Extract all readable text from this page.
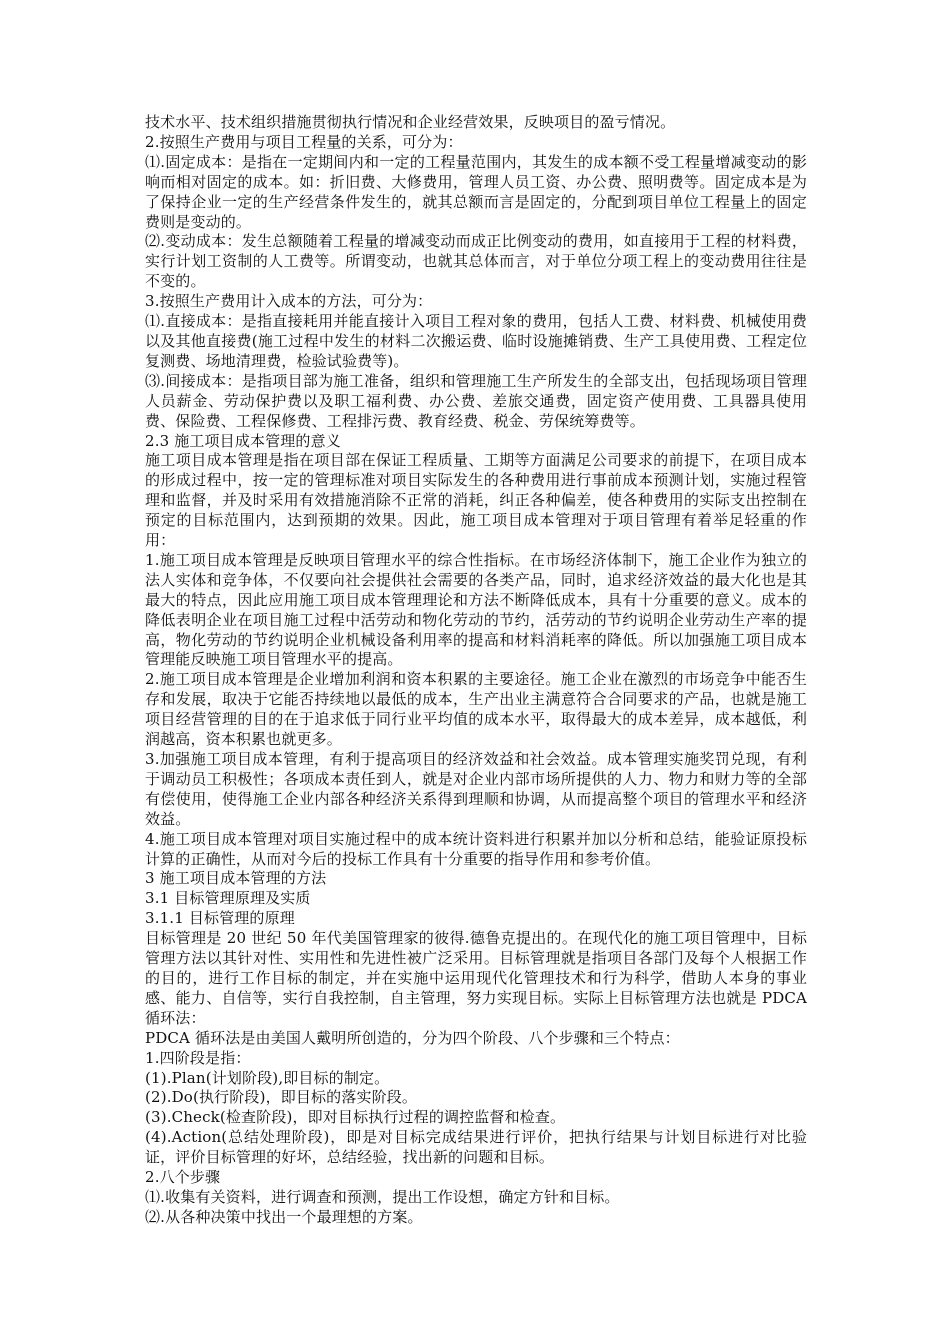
技术水平、技术组织措施贯彻执行情况和企业经营效果，反映项目的盈亏情况。

2.按照生产费用与项目工程量的关系，可分为：

⑴.固定成本：是指在一定期间内和一定的工程量范围内，其发生的成本额不受工程量增减变动的影响而相对固定的成本。如：折旧费、大修费用，管理人员工资、办公费、照明费等。固定成本是为了保持企业一定的生产经营条件发生的，就其总额而言是固定的，分配到项目单位工程量上的固定费则是变动的。

⑵.变动成本：发生总额随着工程量的增减变动而成正比例变动的费用，如直接用于工程的材料费，实行计划工资制的人工费等。所谓变动，也就其总体而言，对于单位分项工程上的变动费用往往是不变的。

3.按照生产费用计入成本的方法，可分为：

⑴.直接成本：是指直接耗用并能直接计入项目工程对象的费用，包括人工费、材料费、机械使用费以及其他直接费(施工过程中发生的材料二次搬运费、临时设施摊销费、生产工具使用费、工程定位复测费、场地清理费，检验试验费等)。

⑶.间接成本：是指项目部为施工准备，组织和管理施工生产所发生的全部支出，包括现场项目管理人员薪金、劳动保护费以及职工福利费、办公费、差旅交通费，固定资产使用费、工具器具使用费、保险费、工程保修费、工程排污费、教育经费、税金、劳保统筹费等。

2.3 施工项目成本管理的意义

施工项目成本管理是指在项目部在保证工程质量、工期等方面满足公司要求的前提下，在项目成本的形成过程中，按一定的管理标准对项目实际发生的各种费用进行事前成本预测计划，实施过程管理和监督，并及时采用有效措施消除不正常的消耗，纠正各种偏差，使各种费用的实际支出控制在预定的目标范围内，达到预期的效果。因此，施工项目成本管理对于项目管理有着举足轻重的作用：

1.施工项目成本管理是反映项目管理水平的综合性指标。在市场经济体制下，施工企业作为独立的法人实体和竞争体，不仅要向社会提供社会需要的各类产品，同时，追求经济效益的最大化也是其最大的特点，因此应用施工项目成本管理理论和方法不断降低成本，具有十分重要的意义。成本的降低表明企业在项目施工过程中活劳动和物化劳动的节约，活劳动的节约说明企业劳动生产率的提高，物化劳动的节约说明企业机械设备利用率的提高和材料消耗率的降低。所以加强施工项目成本管理能反映施工项目管理水平的提高。

2.施工项目成本管理是企业增加利润和资本积累的主要途径。施工企业在激烈的市场竞争中能否生存和发展，取决于它能否持续地以最低的成本，生产出业主满意符合合同要求的产品，也就是施工项目经营管理的目的在于追求低于同行业平均值的成本水平，取得最大的成本差异，成本越低，利润越高，资本积累也就更多。

3.加强施工项目成本管理，有利于提高项目的经济效益和社会效益。成本管理实施奖罚兑现，有利于调动员工积极性；各项成本责任到人，就是对企业内部市场所提供的人力、物力和财力等的全部有偿使用，使得施工企业内部各种经济关系得到理顺和协调，从而提高整个项目的管理水平和经济效益。

4.施工项目成本管理对项目实施过程中的成本统计资料进行积累并加以分析和总结，能验证原投标计算的正确性，从而对今后的投标工作具有十分重要的指导作用和参考价值。

3 施工项目成本管理的方法

3.1 目标管理原理及实质

3.1.1 目标管理的原理

目标管理是 20 世纪 50 年代美国管理家的彼得.德鲁克提出的。在现代化的施工项目管理中，目标管理方法以其针对性、实用性和先进性被广泛采用。目标管理就是指项目各部门及每个人根据工作的目的，进行工作目标的制定，并在实施中运用现代化管理技术和行为科学，借助人本身的事业感、能力、自信等，实行自我控制，自主管理，努力实现目标。实际上目标管理方法也就是 PDCA 循环法：

PDCA 循环法是由美国人戴明所创造的，分为四个阶段、八个步骤和三个特点：

1.四阶段是指：

(1).Plan(计划阶段),即目标的制定。

(2).Do(执行阶段)，即目标的落实阶段。

(3).Check(检查阶段)，即对目标执行过程的调控监督和检查。

(4).Action(总结处理阶段)，即是对目标完成结果进行评价，把执行结果与计划目标进行对比验证，评价目标管理的好坏，总结经验，找出新的问题和目标。

2.八个步骤

⑴.收集有关资料，进行调查和预测，提出工作设想，确定方针和目标。

⑵.从各种决策中找出一个最理想的方案。
